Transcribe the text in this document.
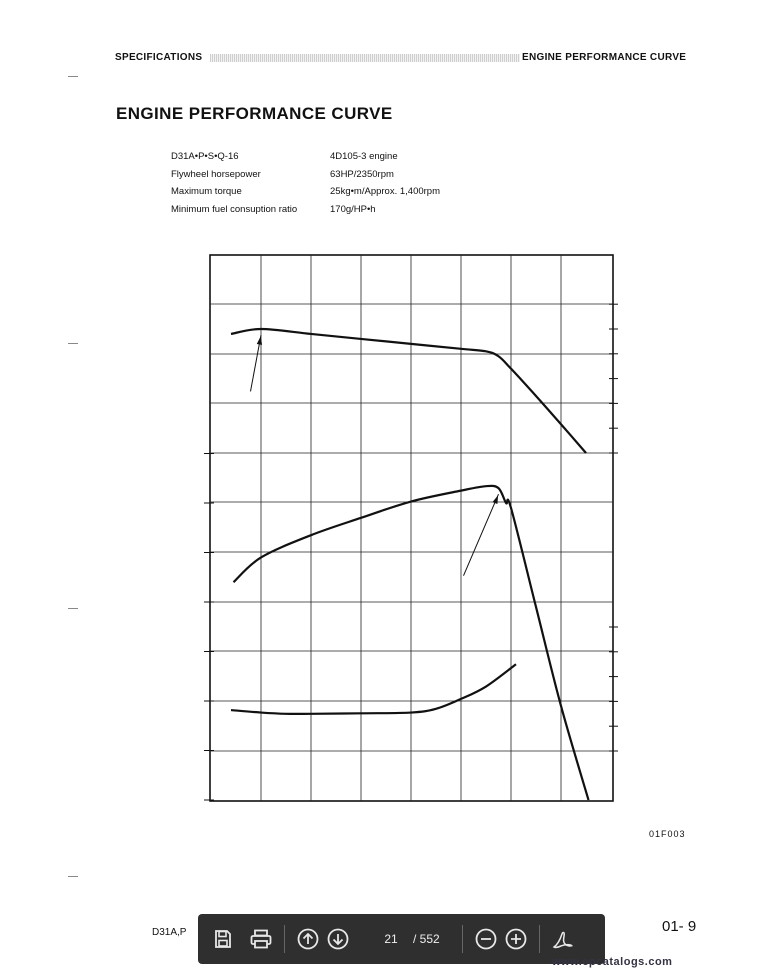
SPECIFICATIONS	ENGINE PERFORMANCE CURVE
ENGINE PERFORMANCE CURVE
D31A•P•S•Q-16	4D105-3 engine
Flywheel horsepower	63HP/2350rpm
Maximum torque	25kg•m/Approx. 1,400rpm
Minimum fuel consuption ratio	170g/HP•h
01F003
D31A,P	01- 9
21
/ 552
www.epcatalogs.com
